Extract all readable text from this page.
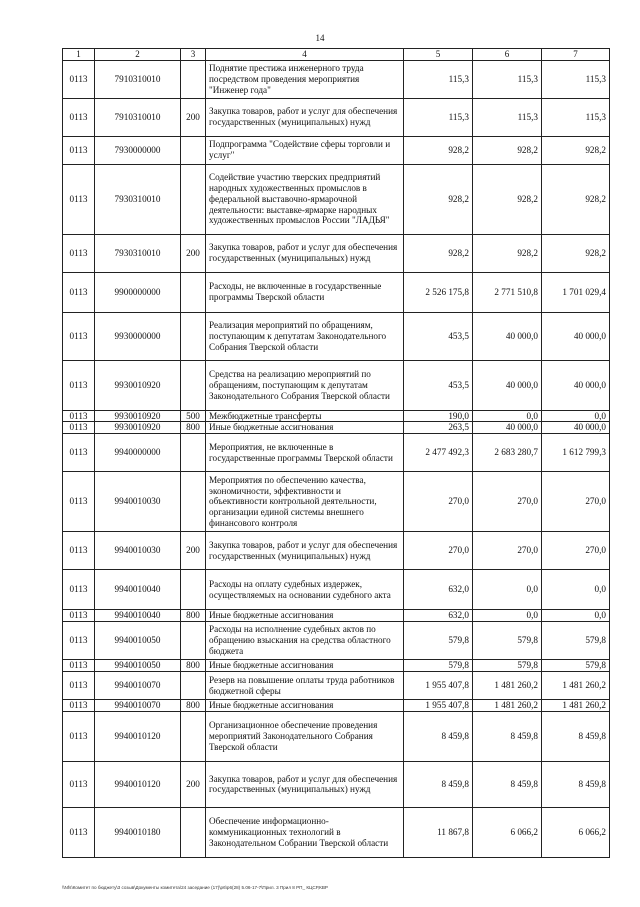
14
1	2	3	4	5	6	7
0113	7910310010		Поднятие престижа инженерного труда посредством проведения мероприятия "Инженер года"	115,3	115,3	115,3
0113	7910310010	200	Закупка товаров, работ и услуг для обеспечения государственных (муниципальных) нужд	115,3	115,3	115,3
0113	7930000000		Подпрограмма "Содействие сферы торговли и услуг"	928,2	928,2	928,2
0113	7930310010		Содействие участию тверских предприятий народных художественных промыслов в федеральной выставочно-ярмарочной деятельности: выставке-ярмарке народных художественных промыслов России "ЛАДЬЯ"	928,2	928,2	928,2
0113	7930310010	200	Закупка товаров, работ и услуг для обеспечения государственных (муниципальных) нужд	928,2	928,2	928,2
0113	9900000000		Расходы, не включенные в государственные программы Тверской области	2 526 175,8	2 771 510,8	1 701 029,4
0113	9930000000		Реализация мероприятий по обращениям, поступающим к депутатам Законодательного Собрания Тверской области	453,5	40 000,0	40 000,0
0113	9930010920		Средства на реализацию мероприятий по обращениям, поступающим к депутатам Законодательного Собрания Тверской области	453,5	40 000,0	40 000,0
0113	9930010920	500	Межбюджетные трансферты	190,0	0,0	0,0
0113	9930010920	800	Иные бюджетные ассигнования	263,5	40 000,0	40 000,0
0113	9940000000		Мероприятия, не включенные в государственные программы Тверской области	2 477 492,3	2 683 280,7	1 612 799,3
0113	9940010030		Мероприятия по обеспечению качества, экономичности, эффективности и объективности контрольной деятельности, организации единой системы внешнего финансового контроля	270,0	270,0	270,0
0113	9940010030	200	Закупка товаров, работ и услуг для обеспечения государственных (муниципальных) нужд	270,0	270,0	270,0
0113	9940010040		Расходы на оплату судебных издержек, осуществляемых на основании судебного акта	632,0	0,0	0,0
0113	9940010040	800	Иные бюджетные ассигнования	632,0	0,0	0,0
0113	9940010050		Расходы на исполнение судебных актов по обращению взыскания на средства областного бюджета	579,8	579,8	579,8
0113	9940010050	800	Иные бюджетные ассигнования	579,8	579,8	579,8
0113	9940010070		Резерв на повышение оплаты труда работников бюджетной сферы	1 955 407,8	1 481 260,2	1 481 260,2
0113	9940010070	800	Иные бюджетные ассигнования	1 955 407,8	1 481 260,2	1 481 260,2
0113	9940010120		Организационное обеспечение проведения мероприятий Законодательного Собрания Тверской области	8 459,8	8 459,8	8 459,8
0113	9940010120	200	Закупка товаров, работ и услуг для обеспечения государственных (муниципальных) нужд	8 459,8	8 459,8	8 459,8
0113	9940010180		Обеспечение информационно-коммуникационных технологий в Законодательном Собрании Тверской области	11 867,8	6 066,2	6 066,2
\\Nfs\Комитет по бюджету\3 созыв\Документы комитета\24 заседание (17)\р6\р6(28) 5.06-17-7\Прил. 3 Прил 8 РП_ КЦСР,КВР
